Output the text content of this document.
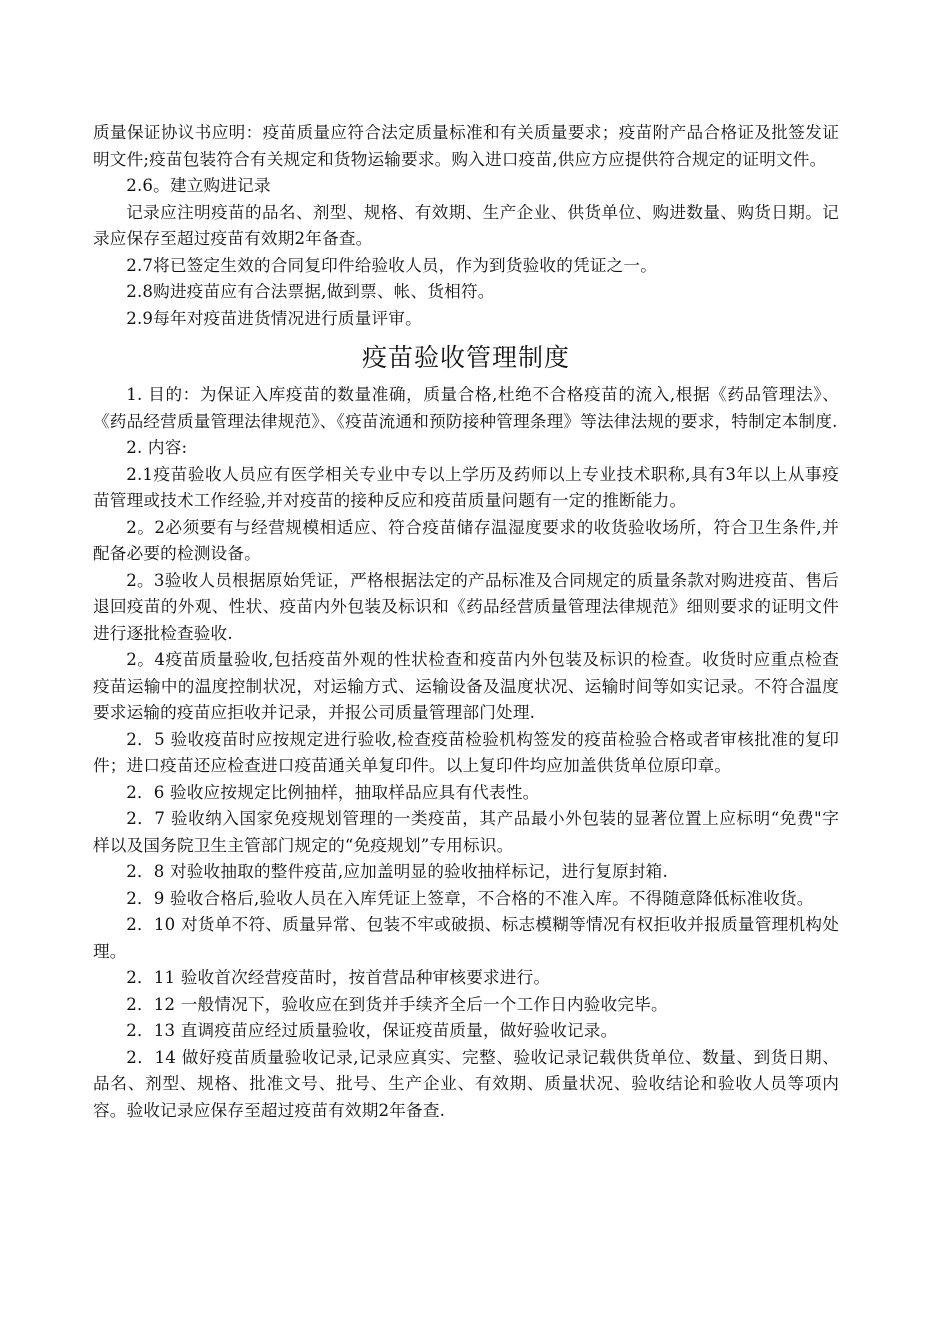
质量保证协议书应明：疫苗质量应符合法定质量标准和有关质量要求；疫苗附产品合格证及批签发证明文件;疫苗包装符合有关规定和货物运输要求。购入进口疫苗,供应方应提供符合规定的证明文件。

2.6。建立购进记录

记录应注明疫苗的品名、剂型、规格、有效期、生产企业、供货单位、购进数量、购货日期。记录应保存至超过疫苗有效期2年备查。

2.7将已签定生效的合同复印件给验收人员，作为到货验收的凭证之一。

2.8购进疫苗应有合法票据,做到票、帐、货相符。

2.9每年对疫苗进货情况进行质量评审。

疫苗验收管理制度

1. 目的：为保证入库疫苗的数量准确，质量合格,杜绝不合格疫苗的流入,根据《药品管理法》、《药品经营质量管理法律规范》、《疫苗流通和预防接种管理条理》等法律法规的要求，特制定本制度.

2. 内容:

2.1疫苗验收人员应有医学相关专业中专以上学历及药师以上专业技术职称,具有3年以上从事疫苗管理或技术工作经验,并对疫苗的接种反应和疫苗质量问题有一定的推断能力。

2。2必须要有与经营规模相适应、符合疫苗储存温湿度要求的收货验收场所，符合卫生条件,并配备必要的检测设备。

2。3验收人员根据原始凭证，严格根据法定的产品标准及合同规定的质量条款对购进疫苗、售后退回疫苗的外观、性状、疫苗内外包装及标识和《药品经营质量管理法律规范》细则要求的证明文件进行逐批检查验收.

2。4疫苗质量验收,包括疫苗外观的性状检查和疫苗内外包装及标识的检查。收货时应重点检查疫苗运输中的温度控制状况，对运输方式、运输设备及温度状况、运输时间等如实记录。不符合温度要求运输的疫苗应拒收并记录，并报公司质量管理部门处理.

2．5 验收疫苗时应按规定进行验收,检查疫苗检验机构签发的疫苗检验合格或者审核批准的复印件；进口疫苗还应检查进口疫苗通关单复印件。以上复印件均应加盖供货单位原印章。

2．6 验收应按规定比例抽样，抽取样品应具有代表性。

2．7 验收纳入国家免疫规划管理的一类疫苗，其产品最小外包装的显著位置上应标明“免费"字样以及国务院卫生主管部门规定的“免疫规划”专用标识。

2．8 对验收抽取的整件疫苗,应加盖明显的验收抽样标记，进行复原封箱.

2．9 验收合格后,验收人员在入库凭证上签章，不合格的不准入库。不得随意降低标准收货。

2．10 对货单不符、质量异常、包装不牢或破损、标志模糊等情况有权拒收并报质量管理机构处理。

2．11 验收首次经营疫苗时，按首营品种审核要求进行。

2．12 一般情况下，验收应在到货并手续齐全后一个工作日内验收完毕。

2．13 直调疫苗应经过质量验收，保证疫苗质量，做好验收记录。

2．14 做好疫苗质量验收记录,记录应真实、完整、验收记录记载供货单位、数量、到货日期、品名、剂型、规格、批准文号、批号、生产企业、有效期、质量状况、验收结论和验收人员等项内容。验收记录应保存至超过疫苗有效期2年备查.
